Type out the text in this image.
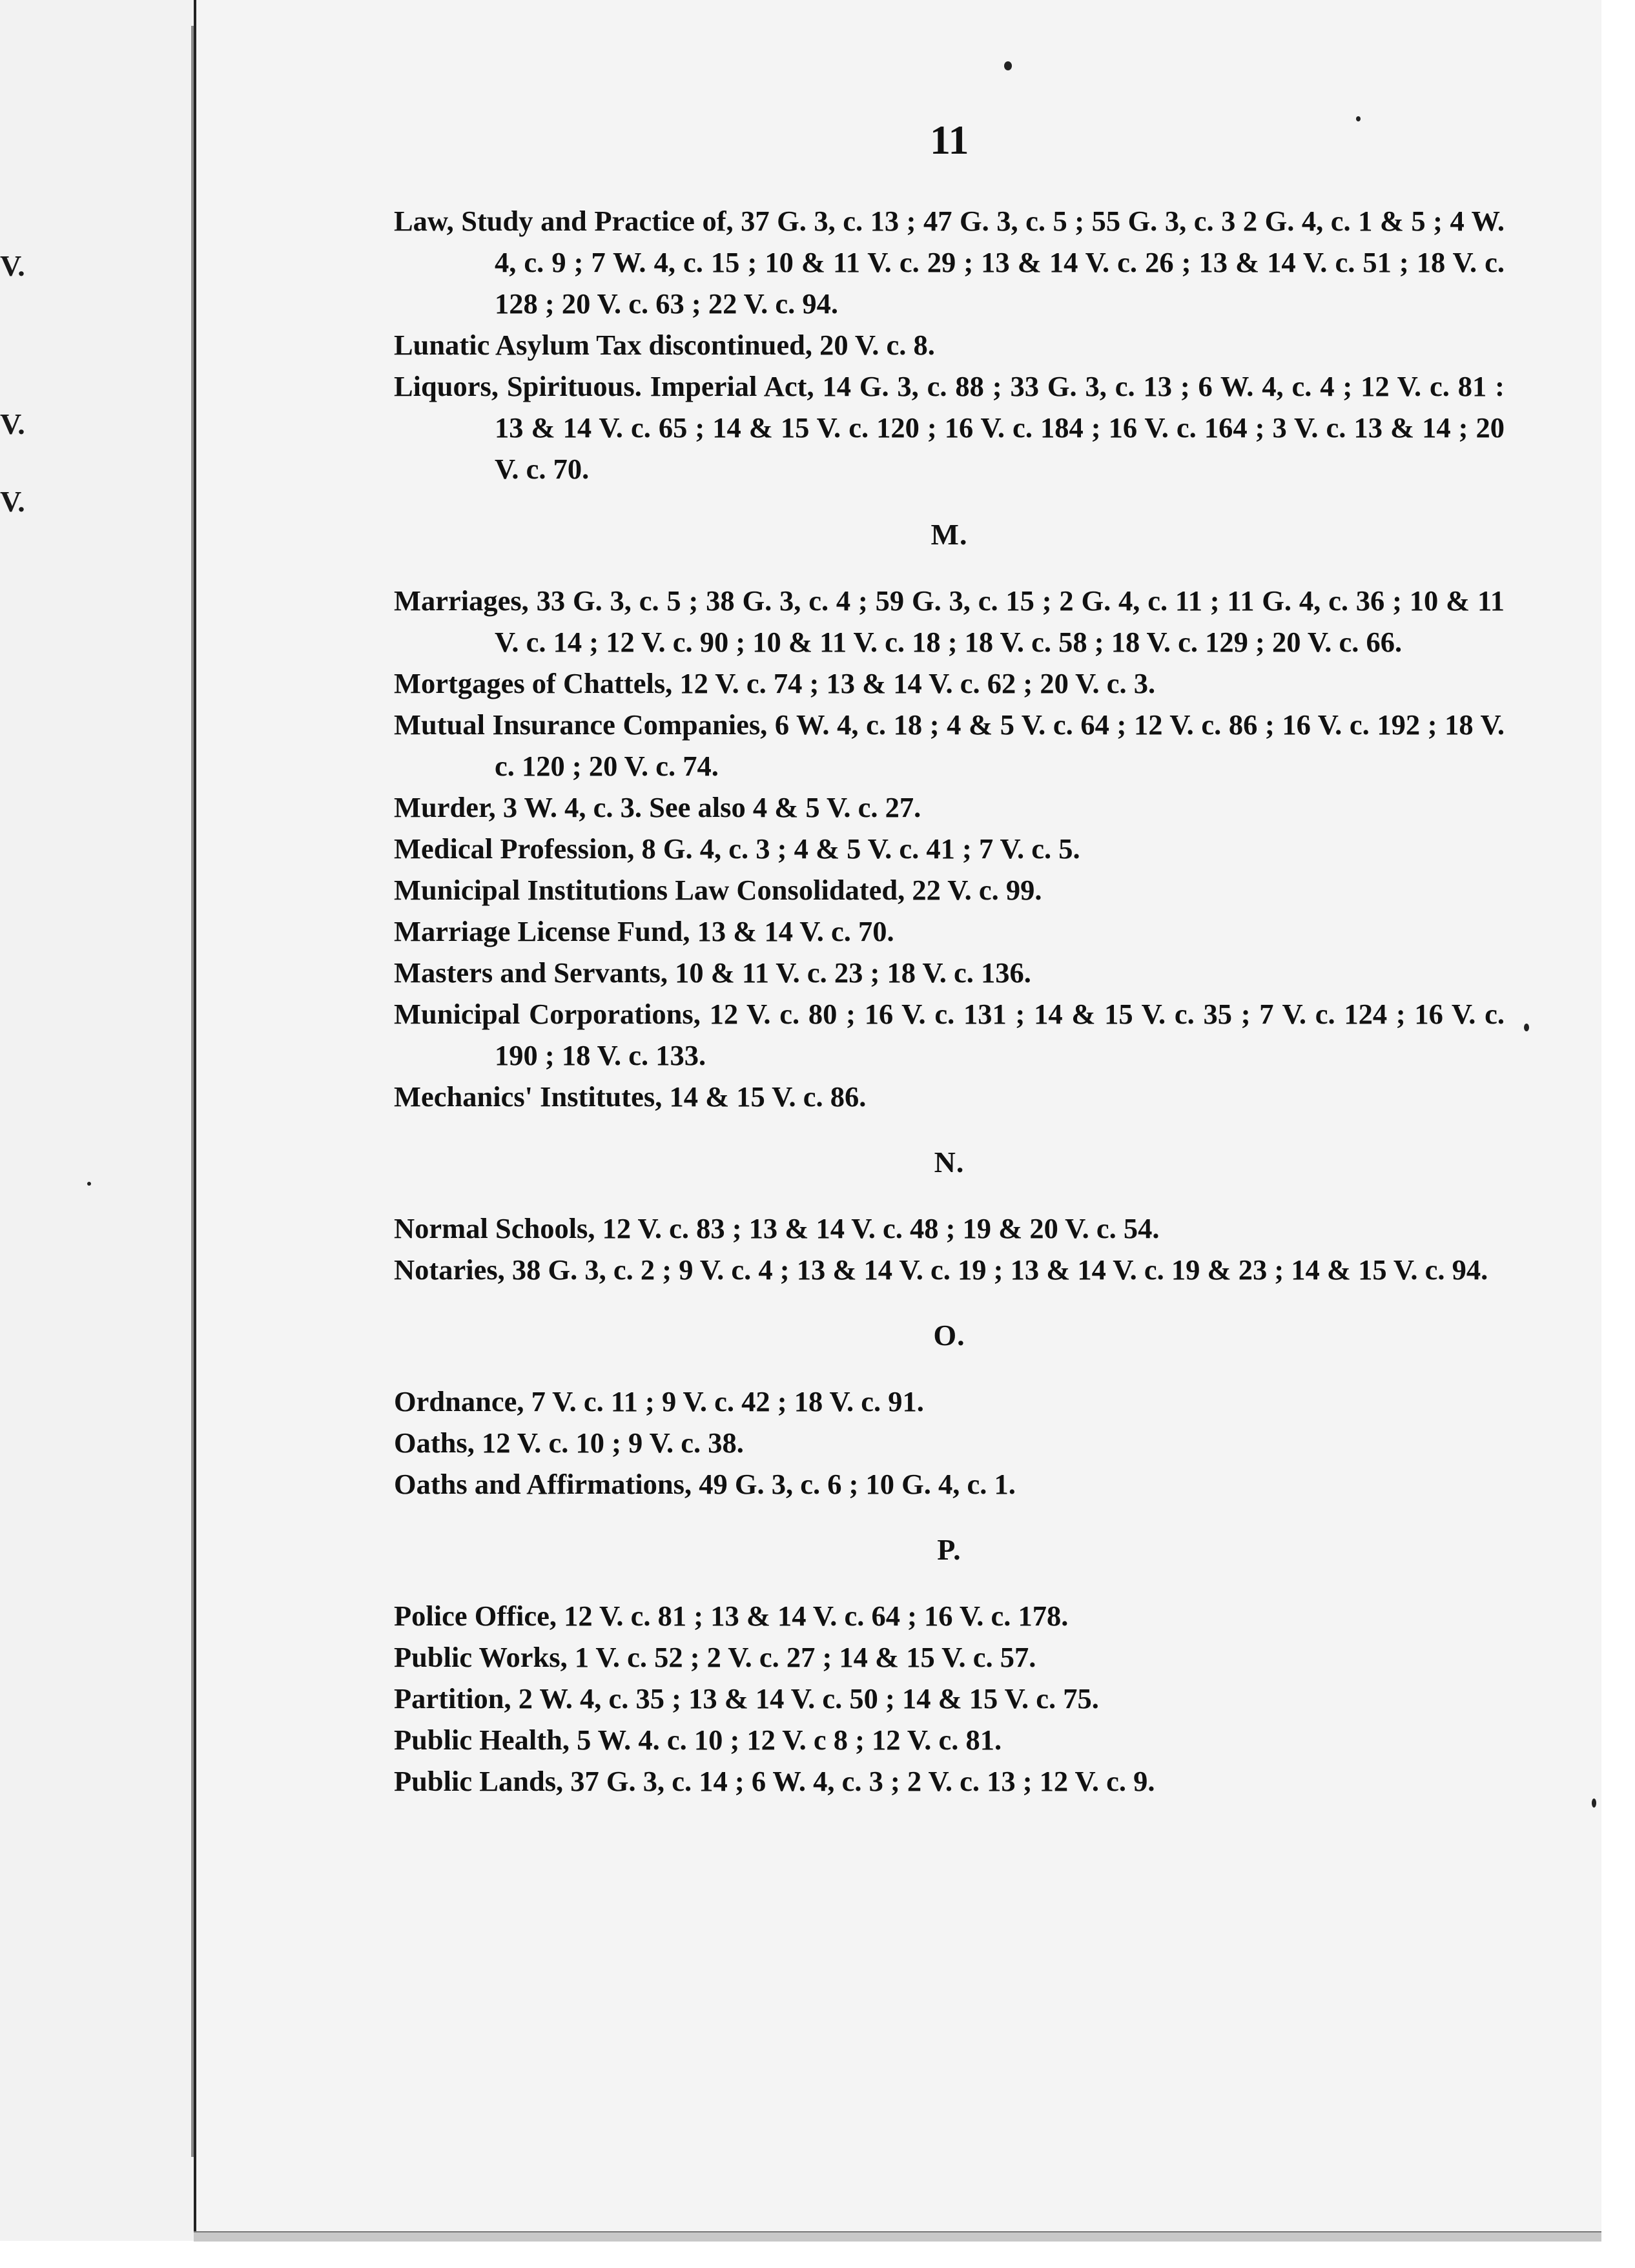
V.
V.
V.
11

Law, Study and Practice of, 37 G. 3, c. 13 ; 47 G. 3, c. 5 ; 55 G. 3, c. 3 2 G. 4, c. 1 & 5 ; 4 W. 4, c. 9 ; 7 W. 4, c. 15 ; 10 & 11 V. c. 29 ; 13 & 14 V. c. 26 ; 13 & 14 V. c. 51 ; 18 V. c. 128 ; 20 V. c. 63 ; 22 V. c. 94.

Lunatic Asylum Tax discontinued, 20 V. c. 8.

Liquors, Spirituous. Imperial Act, 14 G. 3, c. 88 ; 33 G. 3, c. 13 ; 6 W. 4, c. 4 ; 12 V. c. 81 : 13 & 14 V. c. 65 ; 14 & 15 V. c. 120 ; 16 V. c. 184 ; 16 V. c. 164 ; 3 V. c. 13 & 14 ; 20 V. c. 70.

M.

Marriages, 33 G. 3, c. 5 ; 38 G. 3, c. 4 ; 59 G. 3, c. 15 ; 2 G. 4, c. 11 ; 11 G. 4, c. 36 ; 10 & 11 V. c. 14 ; 12 V. c. 90 ; 10 & 11 V. c. 18 ; 18 V. c. 58 ; 18 V. c. 129 ; 20 V. c. 66.

Mortgages of Chattels, 12 V. c. 74 ; 13 & 14 V. c. 62 ; 20 V. c. 3.

Mutual Insurance Companies, 6 W. 4, c. 18 ; 4 & 5 V. c. 64 ; 12 V. c. 86 ; 16 V. c. 192 ; 18 V. c. 120 ; 20 V. c. 74.

Murder, 3 W. 4, c. 3. See also 4 & 5 V. c. 27.

Medical Profession, 8 G. 4, c. 3 ; 4 & 5 V. c. 41 ; 7 V. c. 5.

Municipal Institutions Law Consolidated, 22 V. c. 99.

Marriage License Fund, 13 & 14 V. c. 70.

Masters and Servants, 10 & 11 V. c. 23 ; 18 V. c. 136.

Municipal Corporations, 12 V. c. 80 ; 16 V. c. 131 ; 14 & 15 V. c. 35 ; 7 V. c. 124 ; 16 V. c. 190 ; 18 V. c. 133.

Mechanics' Institutes, 14 & 15 V. c. 86.

N.

Normal Schools, 12 V. c. 83 ; 13 & 14 V. c. 48 ; 19 & 20 V. c. 54.

Notaries, 38 G. 3, c. 2 ; 9 V. c. 4 ; 13 & 14 V. c. 19 ; 13 & 14 V. c. 19 & 23 ; 14 & 15 V. c. 94.

O.

Ordnance, 7 V. c. 11 ; 9 V. c. 42 ; 18 V. c. 91.

Oaths, 12 V. c. 10 ; 9 V. c. 38.

Oaths and Affirmations, 49 G. 3, c. 6 ; 10 G. 4, c. 1.

P.

Police Office, 12 V. c. 81 ; 13 & 14 V. c. 64 ; 16 V. c. 178.

Public Works, 1 V. c. 52 ; 2 V. c. 27 ; 14 & 15 V. c. 57.

Partition, 2 W. 4, c. 35 ; 13 & 14 V. c. 50 ; 14 & 15 V. c. 75.

Public Health, 5 W. 4. c. 10 ; 12 V. c 8 ; 12 V. c. 81.

Public Lands, 37 G. 3, c. 14 ; 6 W. 4, c. 3 ; 2 V. c. 13 ; 12 V. c. 9.
